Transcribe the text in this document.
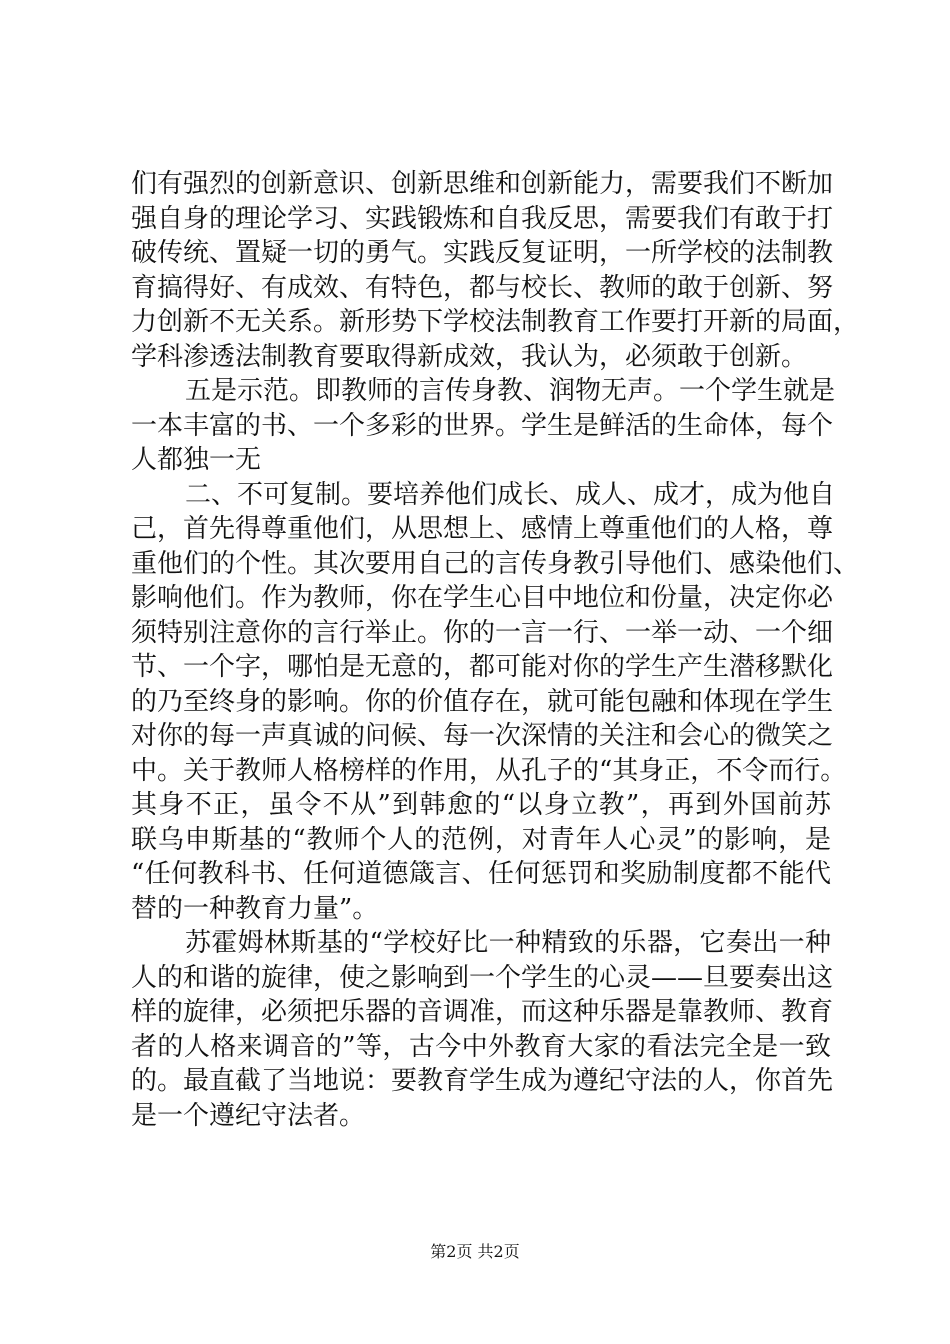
们有强烈的创新意识、创新思维和创新能力，需要我们不断加
强自身的理论学习、实践锻炼和自我反思，需要我们有敢于打
破传统、置疑一切的勇气。实践反复证明，一所学校的法制教
育搞得好、有成效、有特色，都与校长、教师的敢于创新、努
力创新不无关系。新形势下学校法制教育工作要打开新的局面，
学科渗透法制教育要取得新成效，我认为，必须敢于创新。
五是示范。即教师的言传身教、润物无声。一个学生就是
一本丰富的书、一个多彩的世界。学生是鲜活的生命体，每个
人都独一无
二、不可复制。要培养他们成长、成人、成才，成为他自
己，首先得尊重他们，从思想上、感情上尊重他们的人格，尊
重他们的个性。其次要用自己的言传身教引导他们、感染他们、
影响他们。作为教师，你在学生心目中地位和份量，决定你必
须特别注意你的言行举止。你的一言一行、一举一动、一个细
节、一个字，哪怕是无意的，都可能对你的学生产生潜移默化
的乃至终身的影响。你的价值存在，就可能包融和体现在学生
对你的每一声真诚的问候、每一次深情的关注和会心的微笑之
中。关于教师人格榜样的作用，从孔子的“其身正，不令而行。
其身不正，虽令不从”到韩愈的“以身立教”，再到外国前苏
联乌申斯基的“教师个人的范例，对青年人心灵”的影响，是
“任何教科书、任何道德箴言、任何惩罚和奖励制度都不能代
替的一种教育力量”。
苏霍姆林斯基的“学校好比一种精致的乐器，它奏出一种
人的和谐的旋律，使之影响到一个学生的心灵——旦要奏出这
样的旋律，必须把乐器的音调准，而这种乐器是靠教师、教育
者的人格来调音的”等，古今中外教育大家的看法完全是一致
的。最直截了当地说：要教育学生成为遵纪守法的人，你首先
是一个遵纪守法者。
第2页 共2页
